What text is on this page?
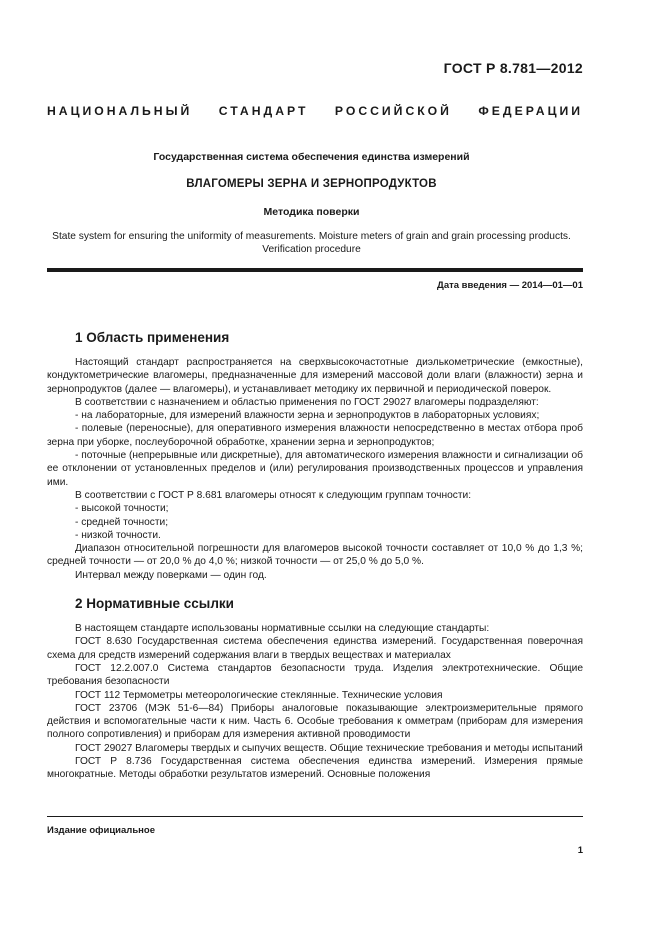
ГОСТ Р 8.781—2012
НАЦИОНАЛЬНЫЙ СТАНДАРТ РОССИЙСКОЙ ФЕДЕРАЦИИ
Государственная система обеспечения единства измерений
ВЛАГОМЕРЫ ЗЕРНА И ЗЕРНОПРОДУКТОВ
Методика поверки
State system for ensuring the uniformity of measurements. Moisture meters of grain and grain processing products.
Verification procedure
Дата введения — 2014—01—01
1 Область применения

Настоящий стандарт распространяется на сверхвысокочастотные диэлькометрические (емкостные), кондуктометрические влагомеры, предназначенные для измерений массовой доли влаги (влажности) зерна и зернопродуктов (далее — влагомеры), и устанавливает методику их первичной и периодической поверок.

В соответствии с назначением и областью применения по ГОСТ 29027 влагомеры подразделяют:

- на лабораторные, для измерений влажности зерна и зернопродуктов в лабораторных условиях;

- полевые (переносные), для оперативного измерения влажности непосредственно в местах отбора проб зерна при уборке, послеуборочной обработке, хранении зерна и зернопродуктов;

- поточные (непрерывные или дискретные), для автоматического измерения влажности и сигнализации об ее отклонении от установленных пределов и (или) регулирования производственных процессов и управления ими.

В соответствии с ГОСТ Р 8.681 влагомеры относят к следующим группам точности:

- высокой точности;

- средней точности;

- низкой точности.

Диапазон относительной погрешности для влагомеров высокой точности составляет от 10,0 % до 1,3 %; средней точности — от 20,0 % до 4,0 %; низкой точности — от 25,0 % до 5,0 %.

Интервал между поверками — один год.

2 Нормативные ссылки

В настоящем стандарте использованы нормативные ссылки на следующие стандарты:

ГОСТ 8.630 Государственная система обеспечения единства измерений. Государственная поверочная схема для средств измерений содержания влаги в твердых веществах и материалах

ГОСТ 12.2.007.0 Система стандартов безопасности труда. Изделия электротехнические. Общие требования безопасности

ГОСТ 112 Термометры метеорологические стеклянные. Технические условия

ГОСТ 23706 (МЭК 51-6—84) Приборы аналоговые показывающие электроизмерительные прямого действия и вспомогательные части к ним. Часть 6. Особые требования к омметрам (приборам для измерения полного сопротивления) и приборам для измерения активной проводимости

ГОСТ 29027 Влагомеры твердых и сыпучих веществ. Общие технические требования и методы испытаний

ГОСТ Р 8.736 Государственная система обеспечения единства измерений. Измерения прямые многократные. Методы обработки результатов измерений. Основные положения

Издание официальное
1
